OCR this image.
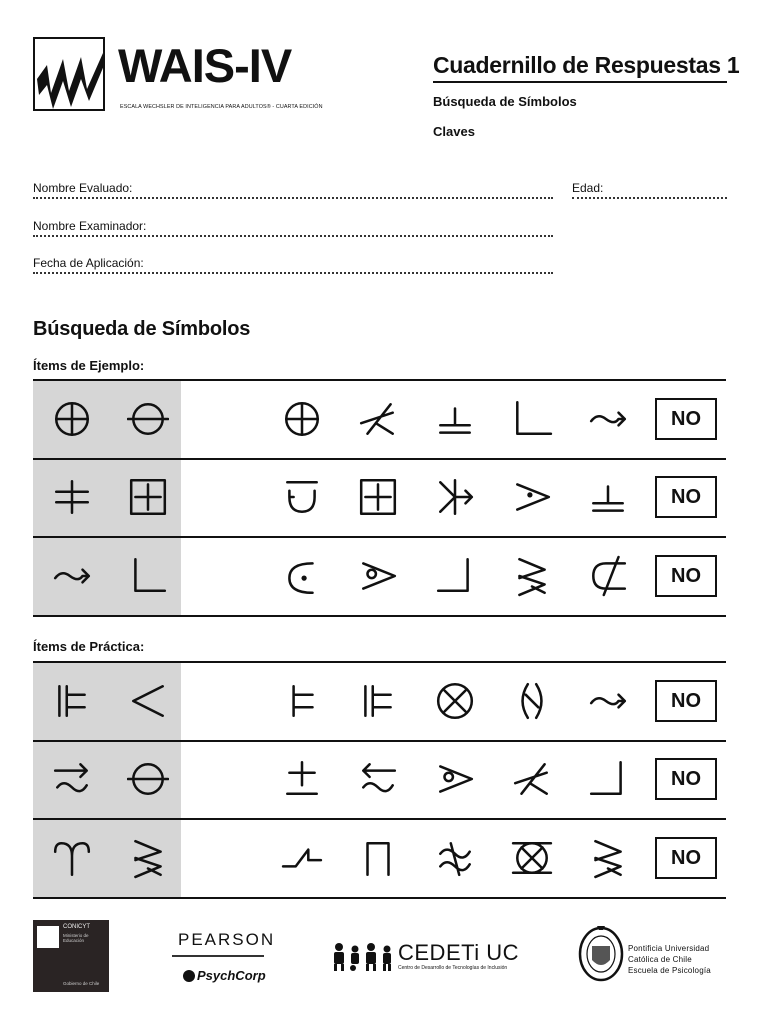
WAIS-IV
ESCALA WECHSLER DE INTELIGENCIA PARA ADULTOS® - CUARTA EDICIÓN
Cuadernillo de Respuestas 1
Búsqueda de Símbolos
Claves
Nombre Evaluado:	Edad:
Nombre Examinador:
Fecha de Aplicación:
Búsqueda de Símbolos
Ítems de Ejemplo:
Ítems de Práctica:
NO
NO
NO
NO
NO
NO
CONICYT
Ministerio de Educación
Gobierno de Chile
PEARSON
PsychCorp
CEDETi UC
Centro de Desarrollo de Tecnologías de Inclusión
Pontificia Universidad
Católica de Chile
Escuela de Psicología
